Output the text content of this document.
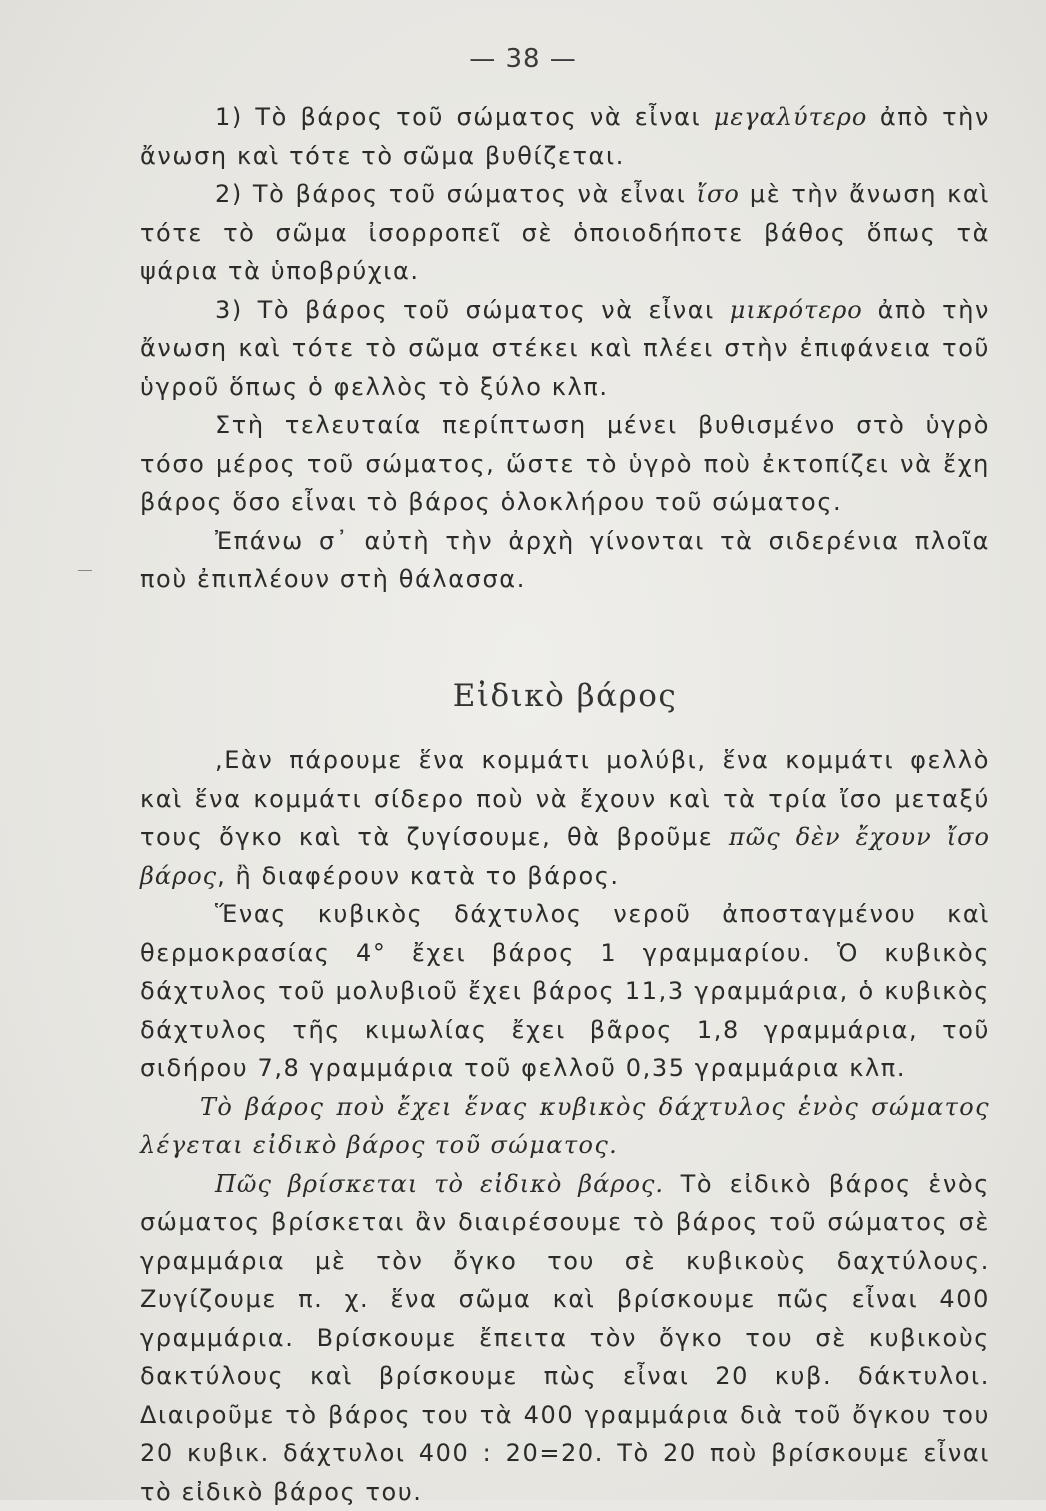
— 38 —

1) Τὸ βάρος τοῦ σώματος νὰ εἶναι μεγαλύτερο ἀπὸ τὴν ἄνωση καὶ τότε τὸ σῶμα βυθίζεται.

2) Τὸ βάρος τοῦ σώματος νὰ εἶναι ἴσο μὲ τὴν ἄνωση καὶ τότε τὸ σῶμα ἰσορροπεῖ σὲ ὁποιοδήποτε βάθος ὅπως τὰ ψάρια τὰ ὑποβρύχια.

3) Τὸ βάρος τοῦ σώματος νὰ εἶναι μικρότερο ἀπὸ τὴν ἄνωση καὶ τότε τὸ σῶμα στέκει καὶ πλέει στὴν ἐπιφάνεια τοῦ ὑγροῦ ὅπως ὁ φελλὸς τὸ ξύλο κλπ.

Στὴ τελευταία περίπτωση μένει βυθισμένο στὸ ὑγρὸ τόσο μέρος τοῦ σώματος, ὥστε τὸ ὑγρὸ ποὺ ἐκτοπίζει νὰ ἔχη βάρος ὅσο εἶναι τὸ βάρος ὁλοκλήρου τοῦ σώματος.

Ἐπάνω σ᾽ αὐτὴ τὴν ἀρχὴ γίνονται τὰ σιδερένια πλοῖα ποὺ ἐπιπλέουν στὴ θάλασσα.

Εἰδικὸ βάρος

,Εὰν πάρουμε ἕνα κομμάτι μολύβι, ἕνα κομμάτι φελλὸ καὶ ἕνα κομμάτι σίδερο ποὺ νὰ ἔχουν καὶ τὰ τρία ἴσο μεταξύ τους ὄγκο καὶ τὰ ζυγίσουμε, θὰ βροῦμε πῶς δὲν ἔχουν ἴσο βάρος, ἢ διαφέρουν κατὰ το βάρος.

Ἕνας κυβικὸς δάχτυλος νεροῦ ἀποσταγμένου καὶ θερμοκρασίας 4° ἔχει βάρος 1 γραμμαρίου. Ὁ κυβικὸς δάχτυλος τοῦ μολυβιοῦ ἔχει βάρος 11,3 γραμμάρια, ὁ κυβικὸς δάχτυλος τῆς κιμωλίας ἔχει βᾶρος 1,8 γραμμάρια, τοῦ σιδήρου 7,8 γραμμάρια τοῦ φελλοῦ 0,35 γραμμάρια κλπ.

Τὸ βάρος ποὺ ἔχει ἕνας κυβικὸς δάχτυλος ἑνὸς σώματος λέγεται εἰδικὸ βάρος τοῦ σώματος.

Πῶς βρίσκεται τὸ εἰδικὸ βάρος. Τὸ εἰδικὸ βάρος ἑνὸς σώματος βρίσκεται ἂν διαιρέσουμε τὸ βάρος τοῦ σώματος σὲ γραμμάρια μὲ τὸν ὄγκο του σὲ κυβικοὺς δαχτύλους. Ζυγίζουμε π. χ. ἕνα σῶμα καὶ βρίσκουμε πῶς εἶναι 400 γραμμάρια. Βρίσκουμε ἔπειτα τὸν ὄγκο του σὲ κυβικοὺς δακτύλους καὶ βρίσκουμε πὼς εἶναι 20 κυβ. δάκτυλοι. Διαιροῦμε τὸ βάρος του τὰ 400 γραμμάρια διὰ τοῦ ὄγκου του 20 κυβικ. δάχτυλοι 400 : 20=20. Τὸ 20 ποὺ βρίσκουμε εἶναι τὸ εἰδικὸ βάρος του.
